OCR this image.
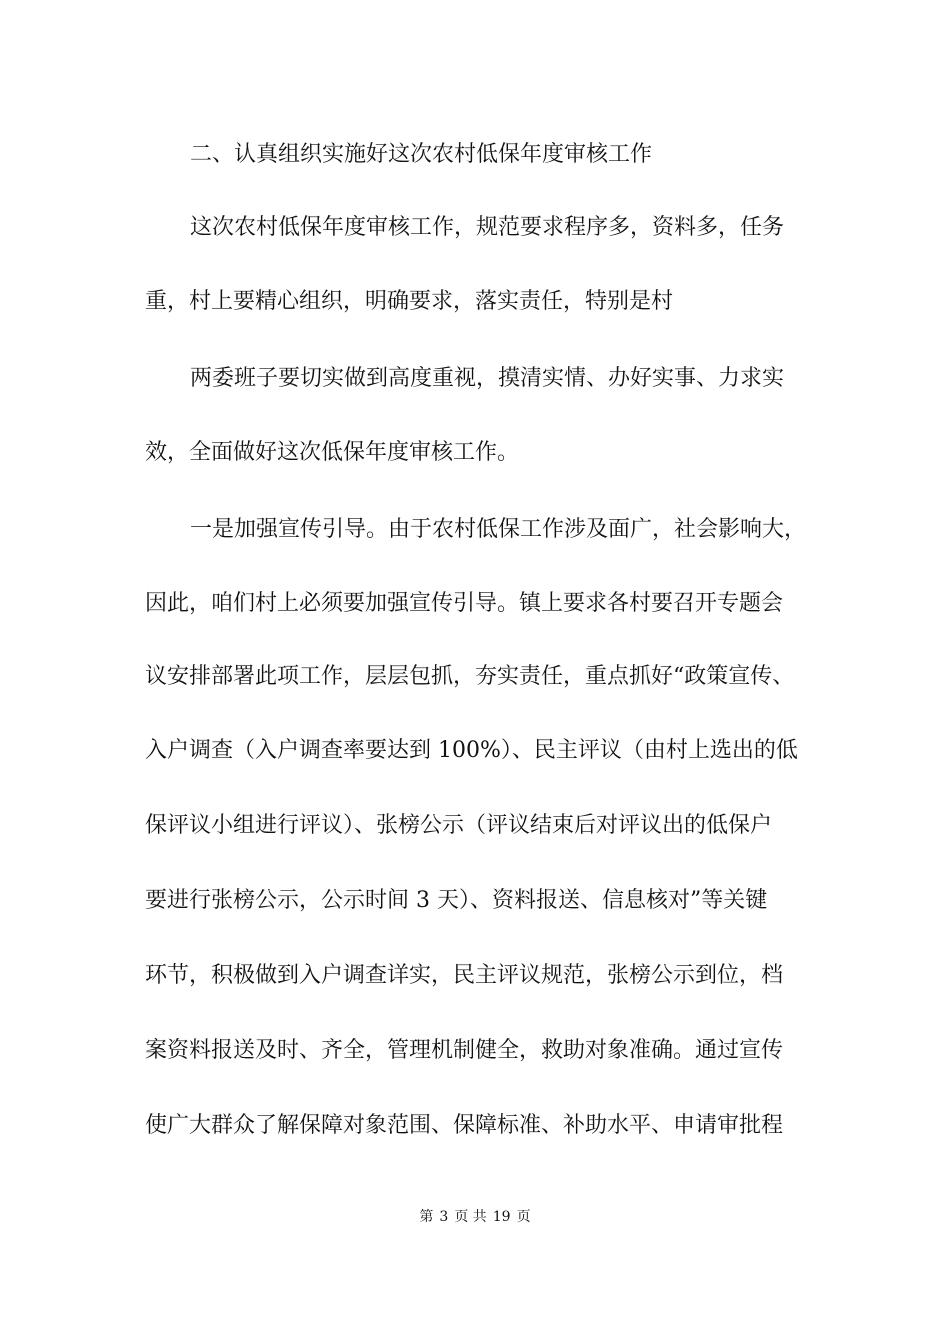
二、认真组织实施好这次农村低保年度审核工作
这次农村低保年度审核工作，规范要求程序多，资料多，任务
重，村上要精心组织，明确要求，落实责任，特别是村
两委班子要切实做到高度重视，摸清实情、办好实事、力求实
效，全面做好这次低保年度审核工作。
一是加强宣传引导。由于农村低保工作涉及面广，社会影响大，
因此，咱们村上必须要加强宣传引导。镇上要求各村要召开专题会
议安排部署此项工作，层层包抓，夯实责任，重点抓好“政策宣传、
入户调查（入户调查率要达到 100%）、民主评议（由村上选出的低
保评议小组进行评议）、张榜公示（评议结束后对评议出的低保户
要进行张榜公示，公示时间 3 天）、资料报送、信息核对”等关键
环节，积极做到入户调查详实，民主评议规范，张榜公示到位，档
案资料报送及时、齐全，管理机制健全，救助对象准确。通过宣传
使广大群众了解保障对象范围、保障标准、补助水平、申请审批程
第 3 页 共 19 页
